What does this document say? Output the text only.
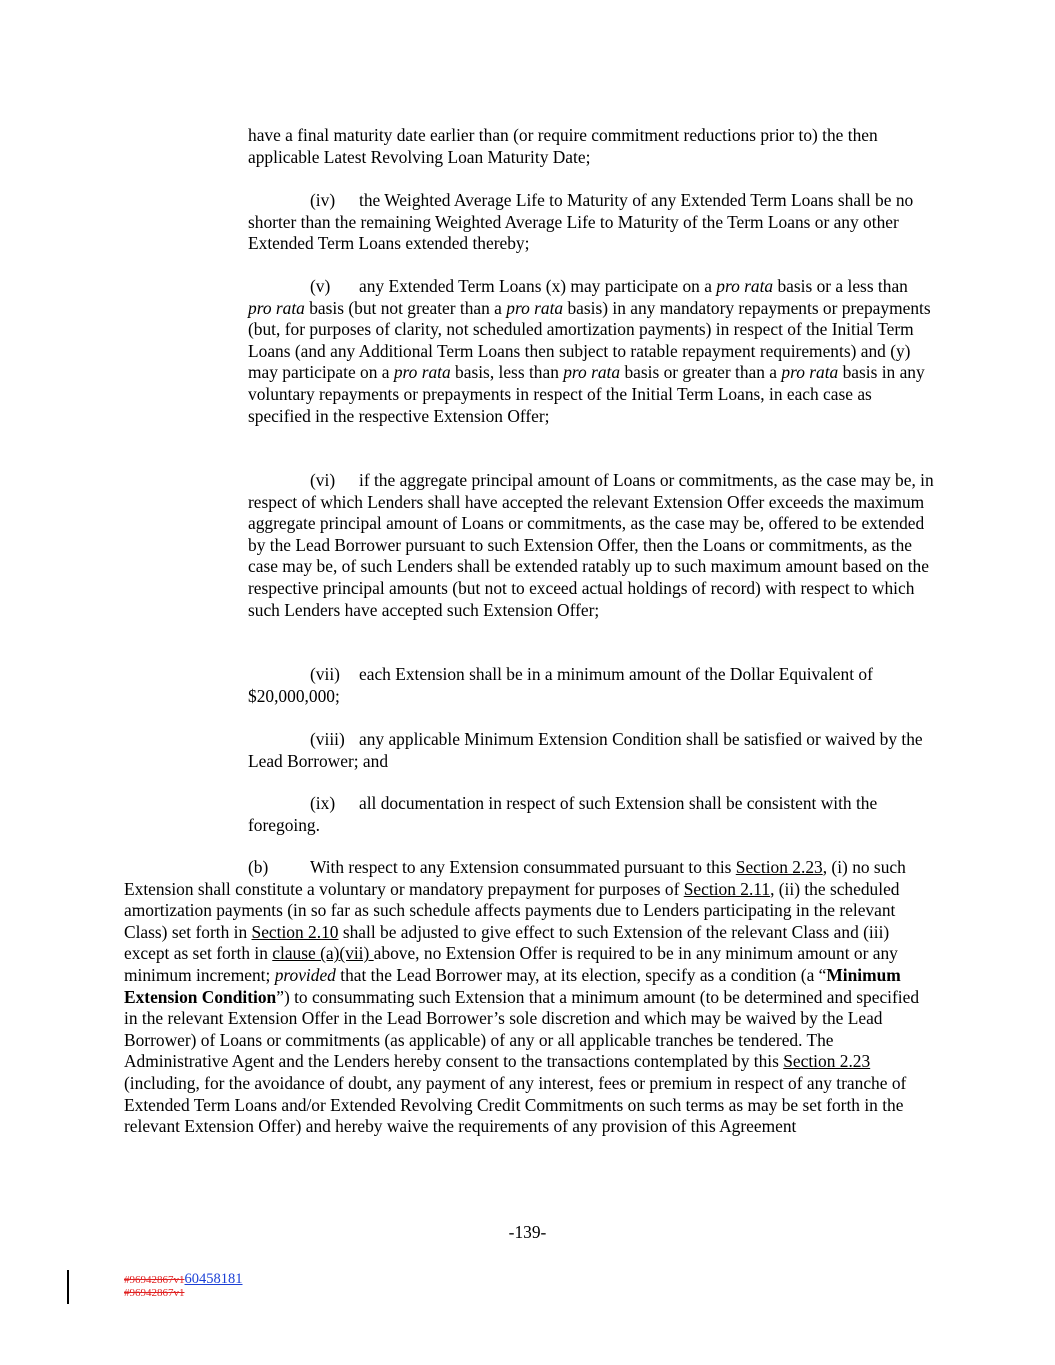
have a final maturity date earlier than (or require commitment reductions prior to) the then applicable Latest Revolving Loan Maturity Date;

(iv) the Weighted Average Life to Maturity of any Extended Term Loans shall be no shorter than the remaining Weighted Average Life to Maturity of the Term Loans or any other Extended Term Loans extended thereby;

(v) any Extended Term Loans (x) may participate on a pro rata basis or a less than pro rata basis (but not greater than a pro rata basis) in any mandatory repayments or prepayments (but, for purposes of clarity, not scheduled amortization payments) in respect of the Initial Term Loans (and any Additional Term Loans then subject to ratable repayment requirements) and (y) may participate on a pro rata basis, less than pro rata basis or greater than a pro rata basis in any voluntary repayments or prepayments in respect of the Initial Term Loans, in each case as specified in the respective Extension Offer;

(vi) if the aggregate principal amount of Loans or commitments, as the case may be, in respect of which Lenders shall have accepted the relevant Extension Offer exceeds the maximum aggregate principal amount of Loans or commitments, as the case may be, offered to be extended by the Lead Borrower pursuant to such Extension Offer, then the Loans or commitments, as the case may be, of such Lenders shall be extended ratably up to such maximum amount based on the respective principal amounts (but not to exceed actual holdings of record) with respect to which such Lenders have accepted such Extension Offer;

(vii) each Extension shall be in a minimum amount of the Dollar Equivalent of $20,000,000;

(viii) any applicable Minimum Extension Condition shall be satisfied or waived by the Lead Borrower; and

(ix) all documentation in respect of such Extension shall be consistent with the foregoing.

(b) With respect to any Extension consummated pursuant to this Section 2.23, (i) no such Extension shall constitute a voluntary or mandatory prepayment for purposes of Section 2.11, (ii) the scheduled amortization payments (in so far as such schedule affects payments due to Lenders participating in the relevant Class) set forth in Section 2.10 shall be adjusted to give effect to such Extension of the relevant Class and (iii) except as set forth in clause (a)(vii) above, no Extension Offer is required to be in any minimum amount or any minimum increment; provided that the Lead Borrower may, at its election, specify as a condition (a “Minimum Extension Condition”) to consummating such Extension that a minimum amount (to be determined and specified in the relevant Extension Offer in the Lead Borrower’s sole discretion and which may be waived by the Lead Borrower) of Loans or commitments (as applicable) of any or all applicable tranches be tendered. The Administrative Agent and the Lenders hereby consent to the transactions contemplated by this Section 2.23 (including, for the avoidance of doubt, any payment of any interest, fees or premium in respect of any tranche of Extended Term Loans and/or Extended Revolving Credit Commitments on such terms as may be set forth in the relevant Extension Offer) and hereby waive the requirements of any provision of this Agreement

-139-
#96942867v160458181
#96942867v1
